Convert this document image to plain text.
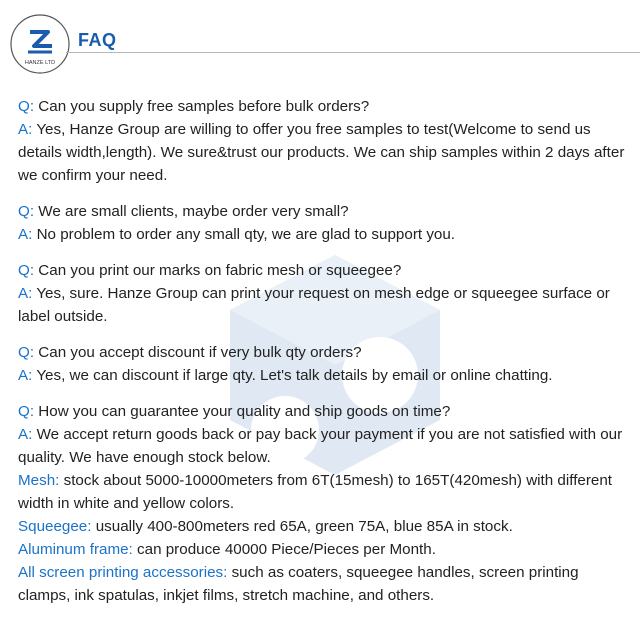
HANZE LTD
FAQ
Q: Can you supply free samples before bulk orders?
A: Yes, Hanze Group are willing to offer you free samples to test(Welcome to send us details width,length). We sure&trust our products. We can ship samples within 2 days after we confirm your need.
Q: We are small clients, maybe order very small?
A: No problem to order any small qty, we are glad to support you.
Q: Can you print our marks on fabric mesh or squeegee?
A: Yes, sure. Hanze Group can print your request on mesh edge or squeegee surface or label outside.
Q: Can you accept discount if very bulk qty orders?
A: Yes, we can discount if large qty. Let's talk details by email or online chatting.
Q: How you can guarantee your quality and ship goods on time?
A: We accept return goods back or pay back your payment if you are not satisfied with our quality. We have enough stock below.
Mesh: stock about 5000-10000meters from 6T(15mesh) to 165T(420mesh) with different width in white and yellow colors.
Squeegee: usually 400-800meters red 65A, green 75A, blue 85A in stock.
Aluminum frame: can produce 40000 Piece/Pieces per Month.
All screen printing accessories: such as coaters, squeegee handles, screen printing clamps, ink spatulas, inkjet films, stretch machine, and others.
